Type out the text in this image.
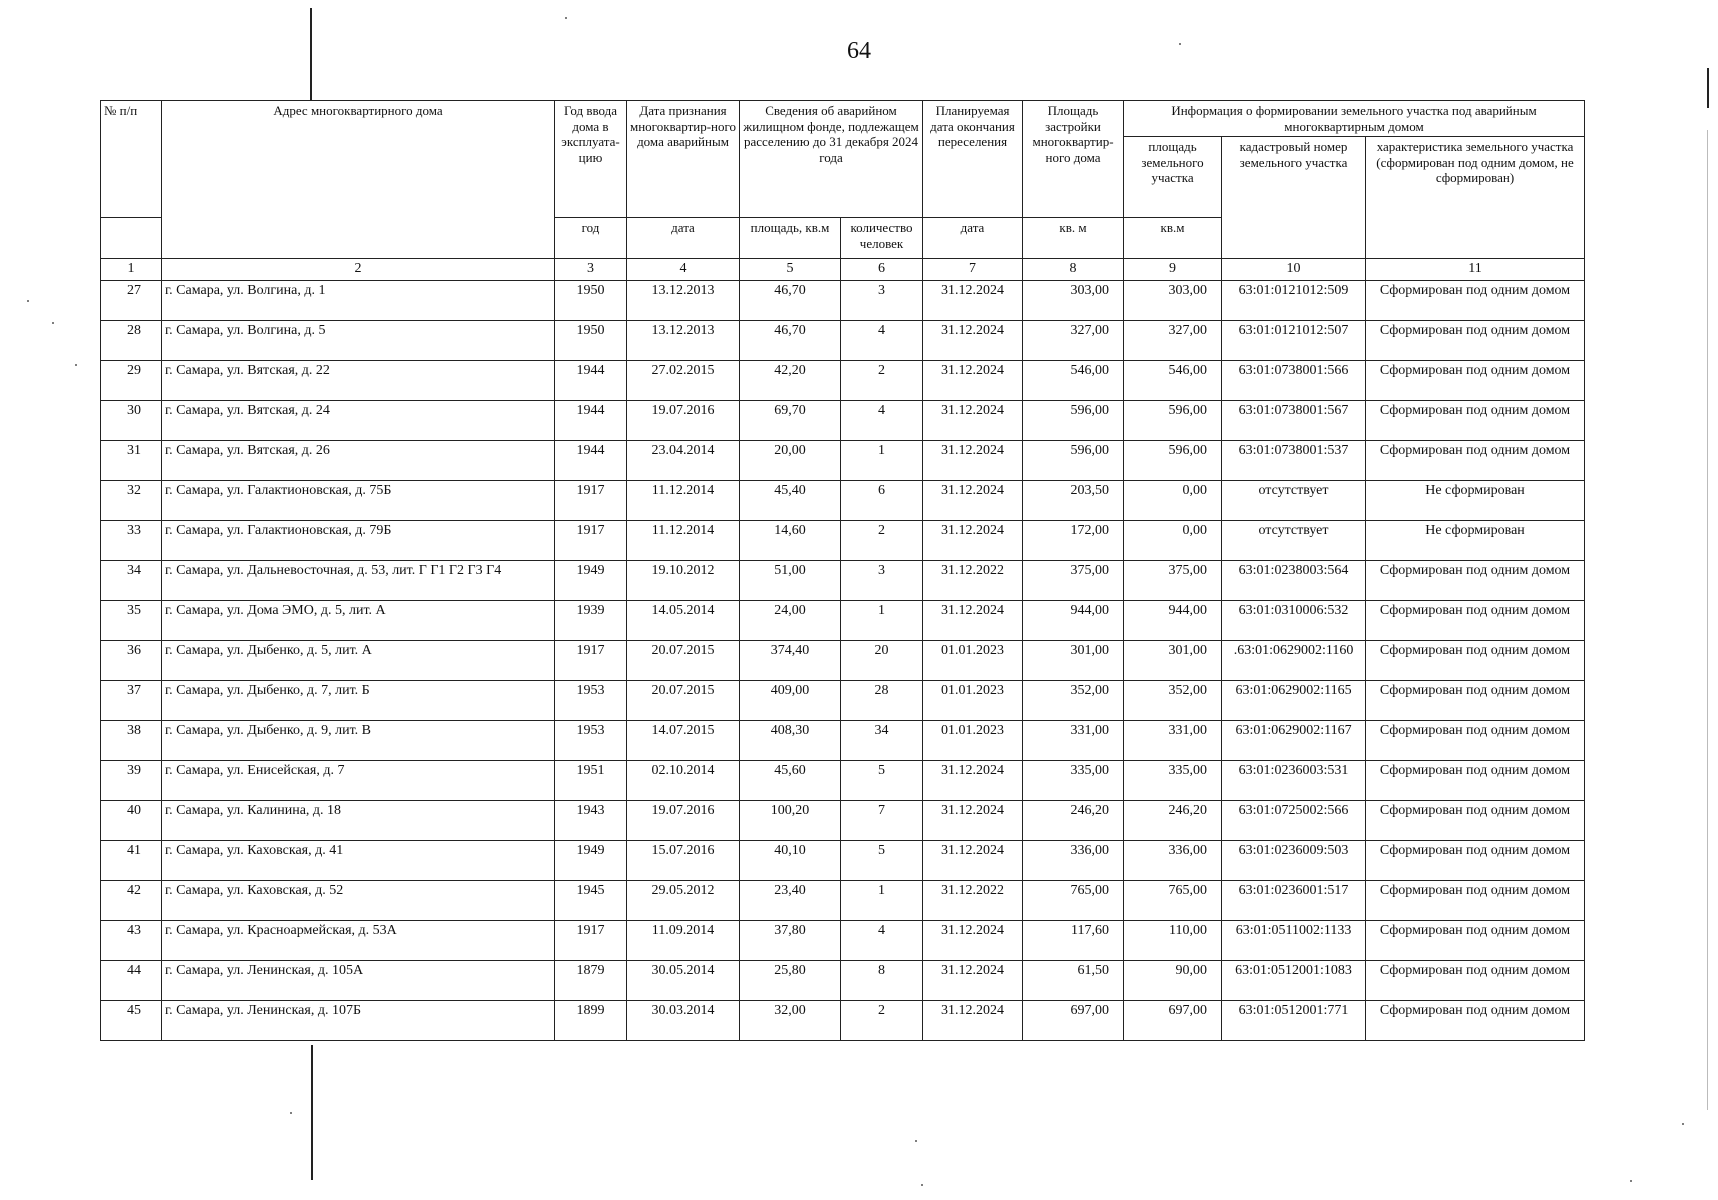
64
№ п/п	Адрес многоквартирного дома	Год ввода дома в эксплуата-цию	Дата признания многоквартир-ного дома аварийным	Сведения об аварийном жилищном фонде, подлежащем расселению до 31 декабря 2024 года		Планируемая дата окончания переселения	Площадь застройки многоквартир-ного дома	Информация о формировании земельного участка под аварийным многоквартирным домом		
								площадь земельного участка	кадастровый номер земельного участка	характеристика земельного участка (сформирован под одним домом, не сформирован)
		год	дата	площадь, кв.м	количество человек	дата	кв. м	кв.м		
1	2	3	4	5	6	7	8	9	10	11
27	г. Самара, ул. Волгина, д. 1	1950	13.12.2013	46,70	3	31.12.2024	303,00	303,00	63:01:0121012:509	Сформирован под одним домом
28	г. Самара, ул. Волгина, д. 5	1950	13.12.2013	46,70	4	31.12.2024	327,00	327,00	63:01:0121012:507	Сформирован под одним домом
29	г. Самара, ул. Вятская, д. 22	1944	27.02.2015	42,20	2	31.12.2024	546,00	546,00	63:01:0738001:566	Сформирован под одним домом
30	г. Самара, ул. Вятская, д. 24	1944	19.07.2016	69,70	4	31.12.2024	596,00	596,00	63:01:0738001:567	Сформирован под одним домом
31	г. Самара, ул. Вятская, д. 26	1944	23.04.2014	20,00	1	31.12.2024	596,00	596,00	63:01:0738001:537	Сформирован под одним домом
32	г. Самара, ул. Галактионовская, д. 75Б	1917	11.12.2014	45,40	6	31.12.2024	203,50	0,00	отсутствует	Не сформирован
33	г. Самара, ул. Галактионовская, д. 79Б	1917	11.12.2014	14,60	2	31.12.2024	172,00	0,00	отсутствует	Не сформирован
34	г. Самара, ул. Дальневосточная, д. 53, лит. Г Г1 Г2 Г3 Г4	1949	19.10.2012	51,00	3	31.12.2022	375,00	375,00	63:01:0238003:564	Сформирован под одним домом
35	г. Самара, ул. Дома ЭМО, д. 5, лит. А	1939	14.05.2014	24,00	1	31.12.2024	944,00	944,00	63:01:0310006:532	Сформирован под одним домом
36	г. Самара, ул. Дыбенко, д. 5, лит. А	1917	20.07.2015	374,40	20	01.01.2023	301,00	301,00	.63:01:0629002:1160	Сформирован под одним домом
37	г. Самара, ул. Дыбенко, д. 7, лит. Б	1953	20.07.2015	409,00	28	01.01.2023	352,00	352,00	63:01:0629002:1165	Сформирован под одним домом
38	г. Самара, ул. Дыбенко, д. 9, лит. В	1953	14.07.2015	408,30	34	01.01.2023	331,00	331,00	63:01:0629002:1167	Сформирован под одним домом
39	г. Самара, ул. Енисейская, д. 7	1951	02.10.2014	45,60	5	31.12.2024	335,00	335,00	63:01:0236003:531	Сформирован под одним домом
40	г. Самара, ул. Калинина, д. 18	1943	19.07.2016	100,20	7	31.12.2024	246,20	246,20	63:01:0725002:566	Сформирован под одним домом
41	г. Самара, ул. Каховская, д. 41	1949	15.07.2016	40,10	5	31.12.2024	336,00	336,00	63:01:0236009:503	Сформирован под одним домом
42	г. Самара, ул. Каховская, д. 52	1945	29.05.2012	23,40	1	31.12.2022	765,00	765,00	63:01:0236001:517	Сформирован под одним домом
43	г. Самара, ул. Красноармейская, д. 53А	1917	11.09.2014	37,80	4	31.12.2024	117,60	110,00	63:01:0511002:1133	Сформирован под одним домом
44	г. Самара, ул. Ленинская, д. 105А	1879	30.05.2014	25,80	8	31.12.2024	61,50	90,00	63:01:0512001:1083	Сформирован под одним домом
45	г. Самара, ул. Ленинская, д. 107Б	1899	30.03.2014	32,00	2	31.12.2024	697,00	697,00	63:01:0512001:771	Сформирован под одним домом
